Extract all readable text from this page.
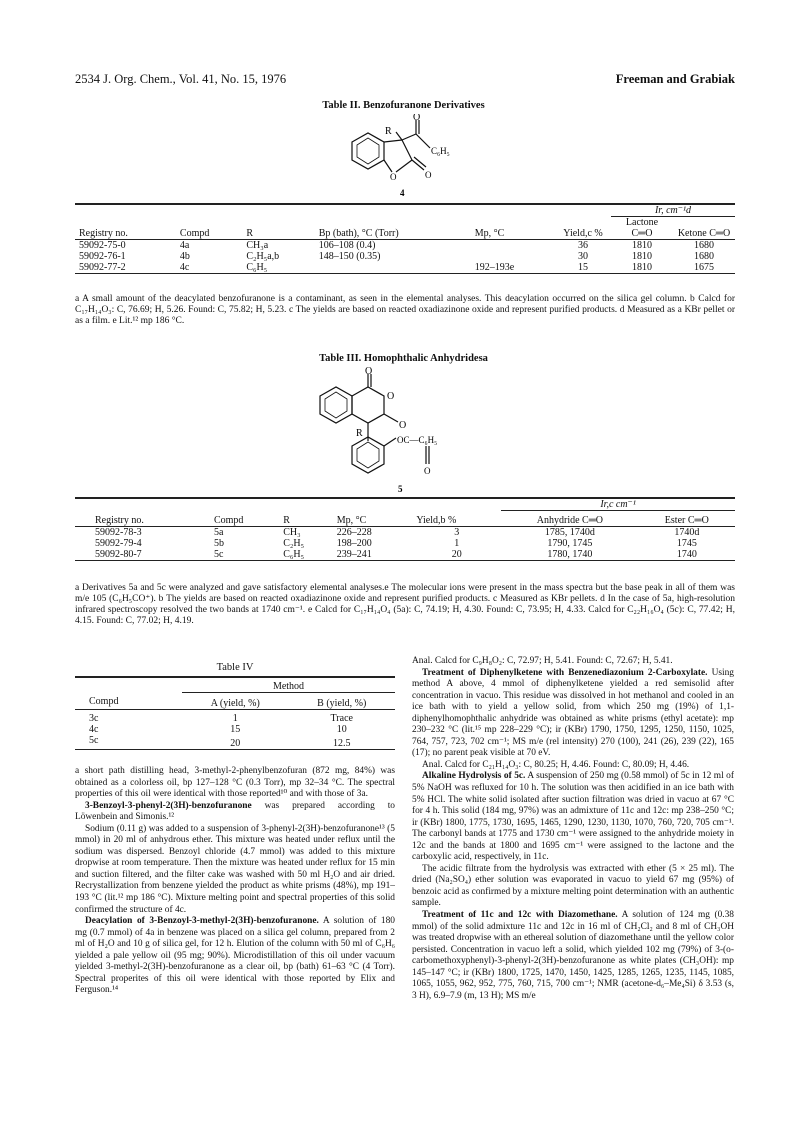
2534 J. Org. Chem., Vol. 41, No. 15, 1976	Freeman and Grabiak
Table II. Benzofuranone Derivatives
O
R
C₆H₅
O	O
4
						Ir, cm⁻¹d	
Registry no.	Compd	R	Bp (bath), °C (Torr)	Mp, °C	Yield,c %	Lactone C═O	Ketone C═O
59092-75-0	4a	CH₃a	106–108 (0.4)		36	1810	1680
59092-76-1	4b	C₂H₅a,b	148–150 (0.35)		30	1810	1680
59092-77-2	4c	C₆H₅		192–193e	15	1810	1675

a A small amount of the deacylated benzofuranone is a contaminant, as seen in the elemental analyses. This deacylation occurred on the silica gel column. b Calcd for C₁₇H₁₄O₃: C, 76.69; H, 5.26. Found: C, 75.82; H, 5.23. c The yields are based on reacted oxadiazinone oxide and represent purified products. d Measured as a KBr pellet or as a film. e Lit.¹² mp 186 °C.
Table III. Homophthalic Anhydridesa
O
O
O
R
OC—C₆H₅
O
5
					Ir,c cm⁻¹	
Registry no.	Compd	R	Mp, °C	Yield,b %	Anhydride C═O	Ester C═O
59092-78-3	5a	CH₃	226–228	3	1785, 1740d	1740d
59092-79-4	5b	C₂H₅	198–200	1	1790, 1745	1745
59092-80-7	5c	C₆H₅	239–241	20	1780, 1740	1740

a Derivatives 5a and 5c were analyzed and gave satisfactory elemental analyses.e The molecular ions were present in the mass spectra but the base peak in all of them was m/e 105 (C₆H₅CO⁺). b The yields are based on reacted oxadiazinone oxide and represent purified products. c Measured as KBr pellets. d In the case of 5a, high-resolution infrared spectroscopy resolved the two bands at 1740 cm⁻¹. e Calcd for C₁₇H₁₄O₄ (5a): C, 74.19; H, 4.30. Found: C, 73.95; H, 4.33. Calcd for C₂₂H₁₆O₄ (5c): C, 77.42; H, 4.15. Found: C, 77.02; H, 4.19.
Table IV
	Method	
Compd	A (yield, %)	B (yield, %)
3c	1	Trace
4c	15	10
5c	20	12.5

a short path distilling head, 3-methyl-2-phenylbenzofuran (872 mg, 84%) was obtained as a colorless oil, bp 127–128 °C (0.3 Torr), mp 32–34 °C. The spectral properties of this oil were identical with those reported¹⁰ and with those of 3a.

3-Benzoyl-3-phenyl-2(3H)-benzofuranone was prepared according to Löwenbein and Simonis.¹²

Sodium (0.11 g) was added to a suspension of 3-phenyl-2(3H)-benzofuranone¹³ (5 mmol) in 20 ml of anhydrous ether. This mixture was heated under reflux until the sodium was dispersed. Benzoyl chloride (4.7 mmol) was added to this mixture dropwise at room temperature. Then the mixture was heated under reflux for 15 min and suction filtered, and the filter cake was washed with 50 ml H₂O and air dried. Recrystallization from benzene yielded the product as white prisms (48%), mp 191–193 °C (lit.¹² mp 186 °C). Mixture melting point and spectral properties of this solid confirmed the structure of 4c.

Deacylation of 3-Benzoyl-3-methyl-2(3H)-benzofuranone. A solution of 180 mg (0.7 mmol) of 4a in benzene was placed on a silica gel column, prepared from 2 ml of H₂O and 10 g of silica gel, for 12 h. Elution of the column with 50 ml of C₆H₆ yielded a pale yellow oil (95 mg; 90%). Microdistillation of this oil under vacuum yielded 3-methyl-2(3H)-benzofuranone as a clear oil, bp (bath) 61–63 °C (4 Torr). Spectral properites of this oil were identical with those reported by Elix and Ferguson.¹⁴

Anal. Calcd for C₉H₈O₂: C, 72.97; H, 5.41. Found: C, 72.67; H, 5.41.

Treatment of Diphenylketene with Benzenediazonium 2-Carboxylate. Using method A above, 4 mmol of diphenylketene yielded a red semisolid after concentration in vacuo. This residue was dissolved in hot methanol and cooled in an ice bath with to yield a yellow solid, from which 250 mg (19%) of 1,1-diphenylhomophthalic anhydride was obtained as white prisms (ethyl acetate): mp 230–232 °C (lit.¹⁵ mp 228–229 °C); ir (KBr) 1790, 1750, 1295, 1250, 1150, 1025, 764, 757, 723, 702 cm⁻¹; MS m/e (rel intensity) 270 (100), 241 (26), 239 (22), 165 (17); no parent peak visible at 70 eV.

Anal. Calcd for C₂₁H₁₄O₃: C, 80.25; H, 4.46. Found: C, 80.09; H, 4.46.

Alkaline Hydrolysis of 5c. A suspension of 250 mg (0.58 mmol) of 5c in 12 ml of 5% NaOH was refluxed for 10 h. The solution was then acidified in an ice bath with 5% HCl. The white solid isolated after suction filtration was dried in vacuo at 67 °C for 4 h. This solid (184 mg, 97%) was an admixture of 11c and 12c: mp 238–250 °C; ir (KBr) 1800, 1775, 1730, 1695, 1465, 1290, 1230, 1130, 1070, 760, 720, 705 cm⁻¹. The carbonyl bands at 1775 and 1730 cm⁻¹ were assigned to the anhydride moiety in 12c and the bands at 1800 and 1695 cm⁻¹ were assigned to the lactone and the carboxylic acid, respectively, in 11c.

The acidic filtrate from the hydrolysis was extracted with ether (5 × 25 ml). The dried (Na₂SO₄) ether solution was evaporated in vacuo to yield 67 mg (95%) of benzoic acid as confirmed by a mixture melting point determination with an authentic sample.

Treatment of 11c and 12c with Diazomethane. A solution of 124 mg (0.38 mmol) of the solid admixture 11c and 12c in 16 ml of CH₂Cl₂ and 8 ml of CH₃OH was treated dropwise with an ethereal solution of diazomethane until the yellow color persisted. Concentration in vacuo left a solid, which yielded 102 mg (79%) of 3-(o-carbomethoxyphenyl)-3-phenyl-2(3H)-benzofuranone as white plates (CH₃OH): mp 145–147 °C; ir (KBr) 1800, 1725, 1470, 1450, 1425, 1285, 1265, 1235, 1145, 1085, 1065, 1055, 962, 952, 775, 760, 715, 700 cm⁻¹; NMR (acetone-d₆–Me₄Si) δ 3.53 (s, 3 H), 6.9–7.9 (m, 13 H); MS m/e
